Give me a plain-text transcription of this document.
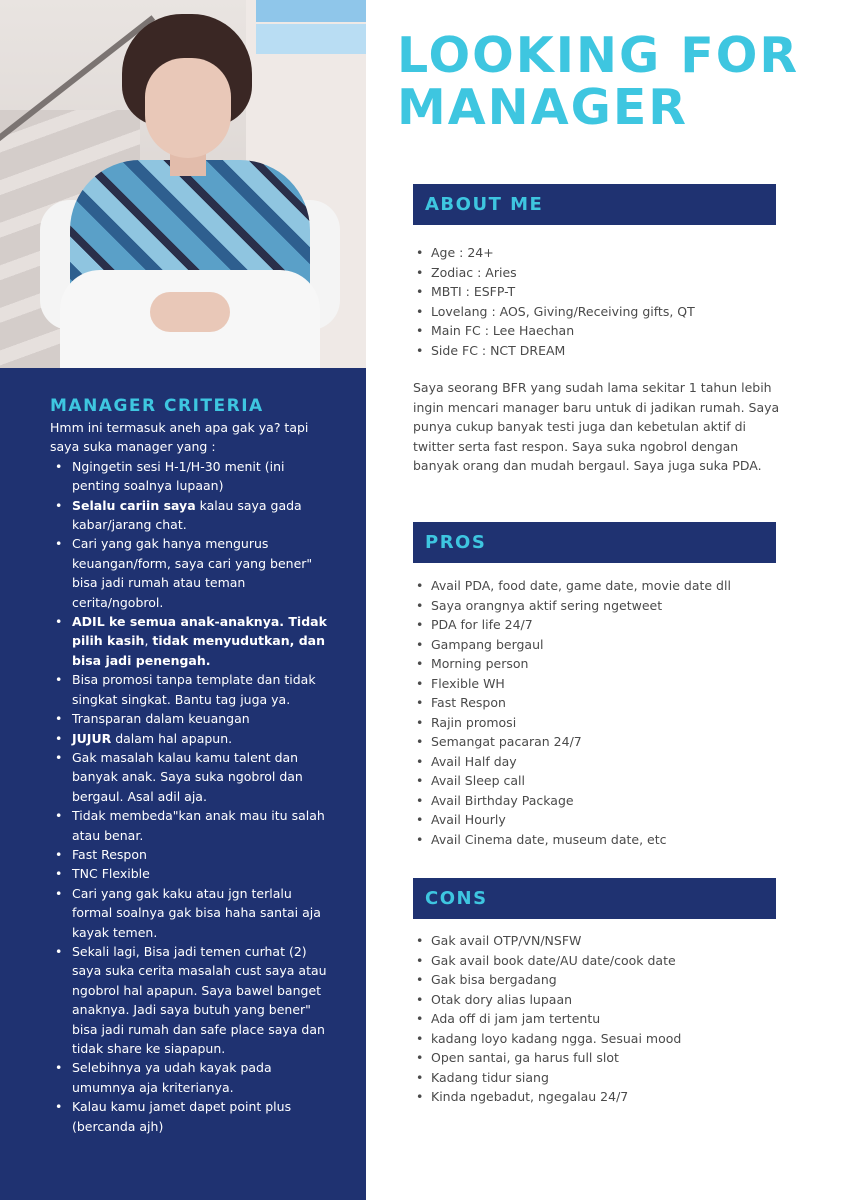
MANAGER CRITERIA
Hmm ini termasuk aneh apa gak ya? tapi saya suka manager yang :
• Ngingetin sesi H-1/H-30 menit (ini penting soalnya lupaan)
• Selalu cariin saya kalau saya gada kabar/jarang chat.
• Cari yang gak hanya mengurus keuangan/form, saya cari yang bener" bisa jadi rumah atau teman cerita/ngobrol.
• ADIL ke semua anak-anaknya. Tidak pilih kasih, tidak menyudutkan, dan bisa jadi penengah.
• Bisa promosi tanpa template dan tidak singkat singkat. Bantu tag juga ya.
• Transparan dalam keuangan
• JUJUR dalam hal apapun.
• Gak masalah kalau kamu talent dan banyak anak. Saya suka ngobrol dan bergaul. Asal adil aja.
• Tidak membeda"kan anak mau itu salah atau benar.
• Fast Respon
• TNC Flexible
• Cari yang gak kaku atau jgn terlalu formal soalnya gak bisa haha santai aja kayak temen.
• Sekali lagi, Bisa jadi temen curhat (2) saya suka cerita masalah cust saya atau ngobrol hal apapun. Saya bawel banget anaknya. Jadi saya butuh yang bener" bisa jadi rumah dan safe place saya dan tidak share ke siapapun.
• Selebihnya ya udah kayak pada umumnya aja kriterianya.
• Kalau kamu jamet dapet point plus (bercanda ajh)
LOOKING FOR
MANAGER
ABOUT ME
• Age : 24+
• Zodiac : Aries
• MBTI : ESFP-T
• Lovelang : AOS, Giving/Receiving gifts, QT
• Main FC : Lee Haechan
• Side FC : NCT DREAM
Saya seorang BFR yang sudah lama sekitar 1 tahun lebih ingin mencari manager baru untuk di jadikan rumah. Saya punya cukup banyak testi juga dan kebetulan aktif di twitter serta fast respon. Saya suka ngobrol dengan banyak orang dan mudah bergaul. Saya juga suka PDA.
PROS
• Avail PDA, food date, game date, movie date dll
• Saya orangnya aktif sering ngetweet
• PDA for life 24/7
• Gampang bergaul
• Morning person
• Flexible WH
• Fast Respon
• Rajin promosi
• Semangat pacaran 24/7
• Avail Half day
• Avail Sleep call
• Avail Birthday Package
• Avail Hourly
• Avail Cinema date, museum date, etc
CONS
• Gak avail OTP/VN/NSFW
• Gak avail book date/AU date/cook date
• Gak bisa bergadang
• Otak dory alias lupaan
• Ada off di jam jam tertentu
• kadang loyo kadang ngga. Sesuai mood
• Open santai, ga harus full slot
• Kadang tidur siang
• Kinda ngebadut, ngegalau 24/7
